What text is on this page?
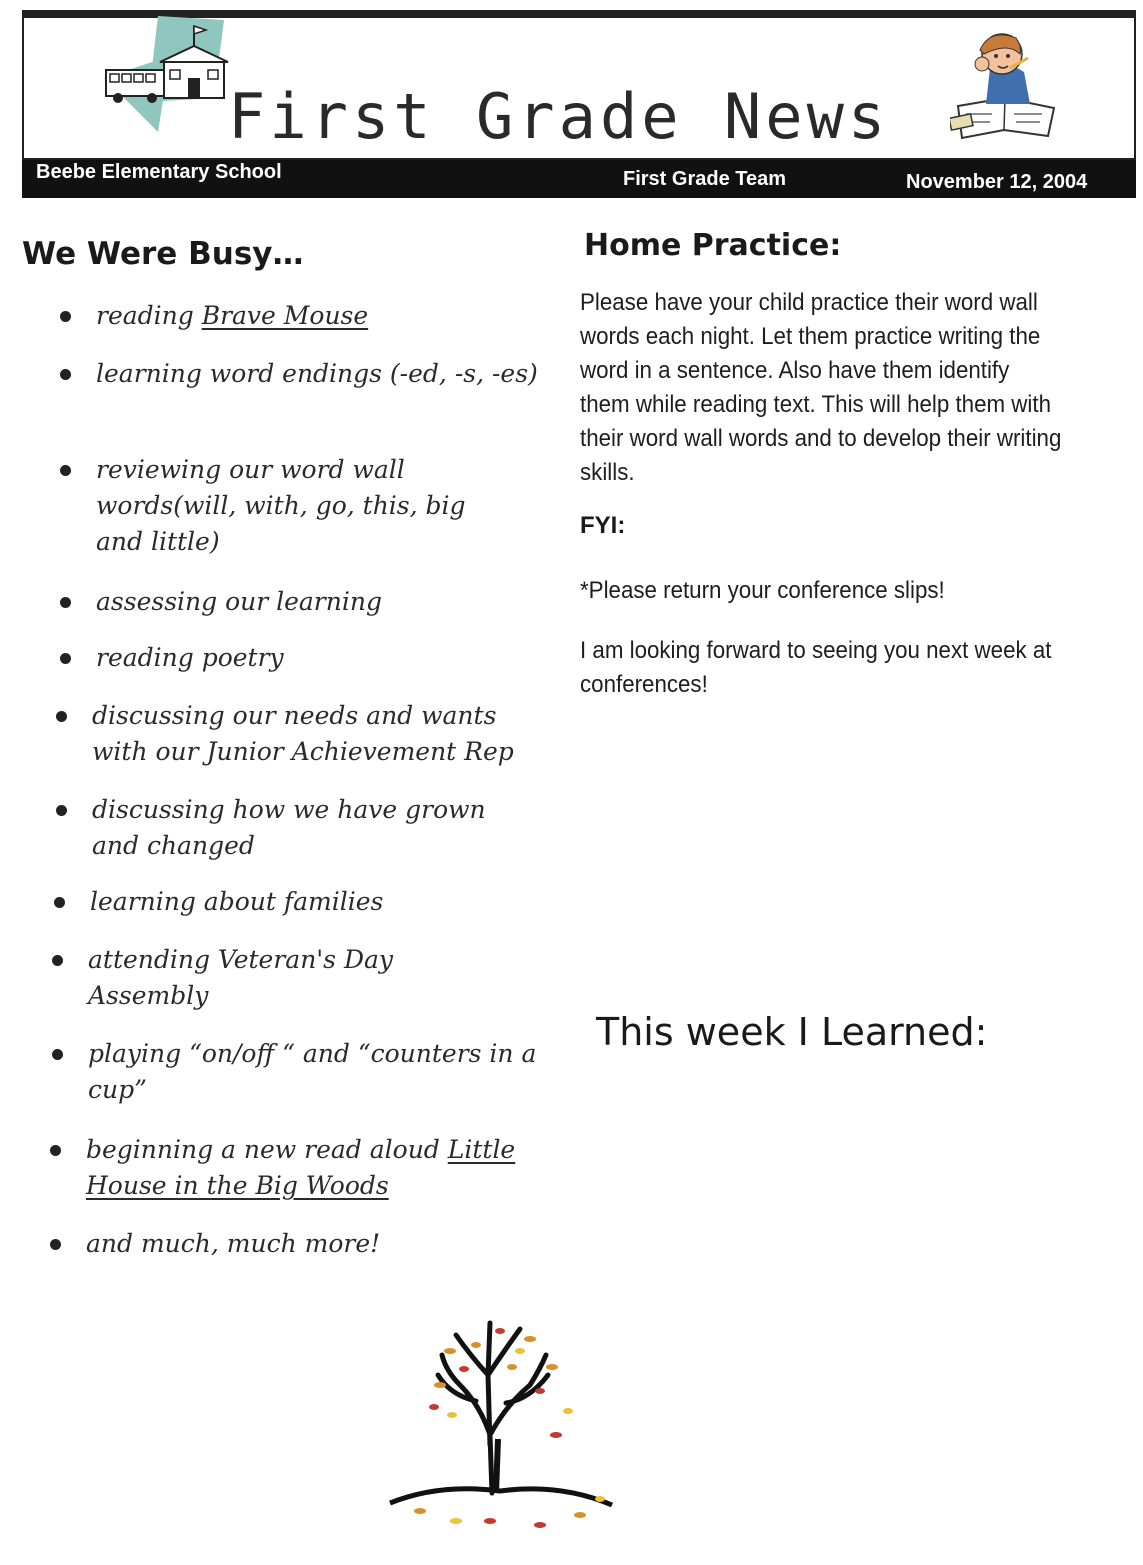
First Grade News
Beebe Elementary School	First Grade Team	November 12, 2004
We Were Busy…
reading Brave Mouse
learning word endings (-ed, -s, -es)
reviewing our word wall words(will, with, go, this, big and little)
assessing our learning
reading poetry
discussing our needs and wants with our Junior Achievement Rep
discussing how we have grown and changed
learning about families
attending Veteran's Day Assembly
playing “on/off “ and “counters in a cup”
beginning a new read aloud Little House in the Big Woods
and much, much more!
Home Practice:

Please have your child practice their word wall words each night. Let them practice writing the word in a sentence. Also have them identify them while reading text. This will help them with their word wall words and to develop their writing skills.

FYI:

*Please return your conference slips!

I am looking forward to seeing you next week at conferences!

This week I Learned:
